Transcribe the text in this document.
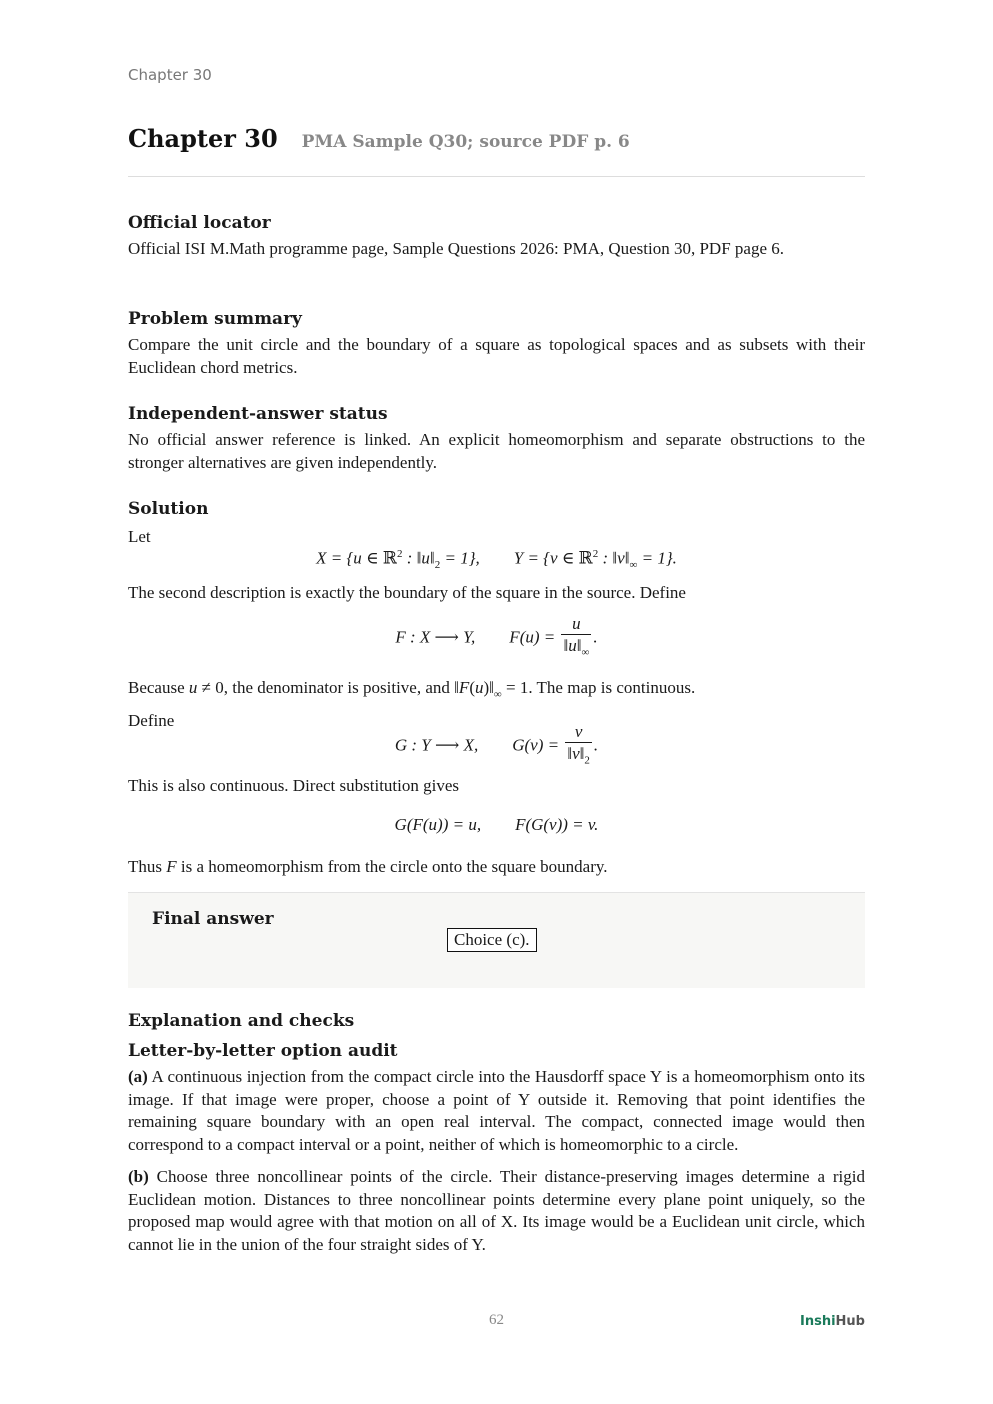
Chapter 30
Chapter 30 PMA Sample Q30; source PDF p. 6
Official locator

Official ISI M.Math programme page, Sample Questions 2026: PMA, Question 30, PDF page 6.

Problem summary

Compare the unit circle and the boundary of a square as topological spaces and as subsets with their Euclidean chord metrics.

Independent-answer status

No official answer reference is linked. An explicit homeomorphism and separate obstructions to the stronger alternatives are given independently.

Solution

Let

X = {u ∈ ℝ$^2$ : $‖u‖_2 = 1$},        Y = {v ∈ ℝ$^2$ : $‖v‖_\infty = 1$}.

The second description is exactly the boundary of the square in the source. Define

F : X ⟶ Y,        $F(u) = \frac{u}{‖u‖_\infty}$ .

Because u ≠ 0, the denominator is positive, and $‖F(u)‖_\infty = 1$. The map is continuous.

Define

G : Y ⟶ X,        $G(v) = \frac{v}{‖v‖_2}$ .

This is also continuous. Direct substitution gives

G(F(u)) = u,        F(G(v)) = v.

Thus F is a homeomorphism from the circle onto the square boundary.

Final answer
Choice (c).
Explanation and checks
Letter-by-letter option audit

(a) A continuous injection from the compact circle into the Hausdorff space Y is a homeomorphism onto its image. If that image were proper, choose a point of Y outside it. Removing that point identifies the remaining square boundary with an open real interval. The compact, connected image would then correspond to a compact interval or a point, neither of which is homeomorphic to a circle.

(b) Choose three noncollinear points of the circle. Their distance-preserving images determine a rigid Euclidean motion. Distances to three noncollinear points determine every plane point uniquely, so the proposed map would agree with that motion on all of X. Its image would be a Euclidean unit circle, which cannot lie in the union of the four straight sides of Y.

62	InshiHub
